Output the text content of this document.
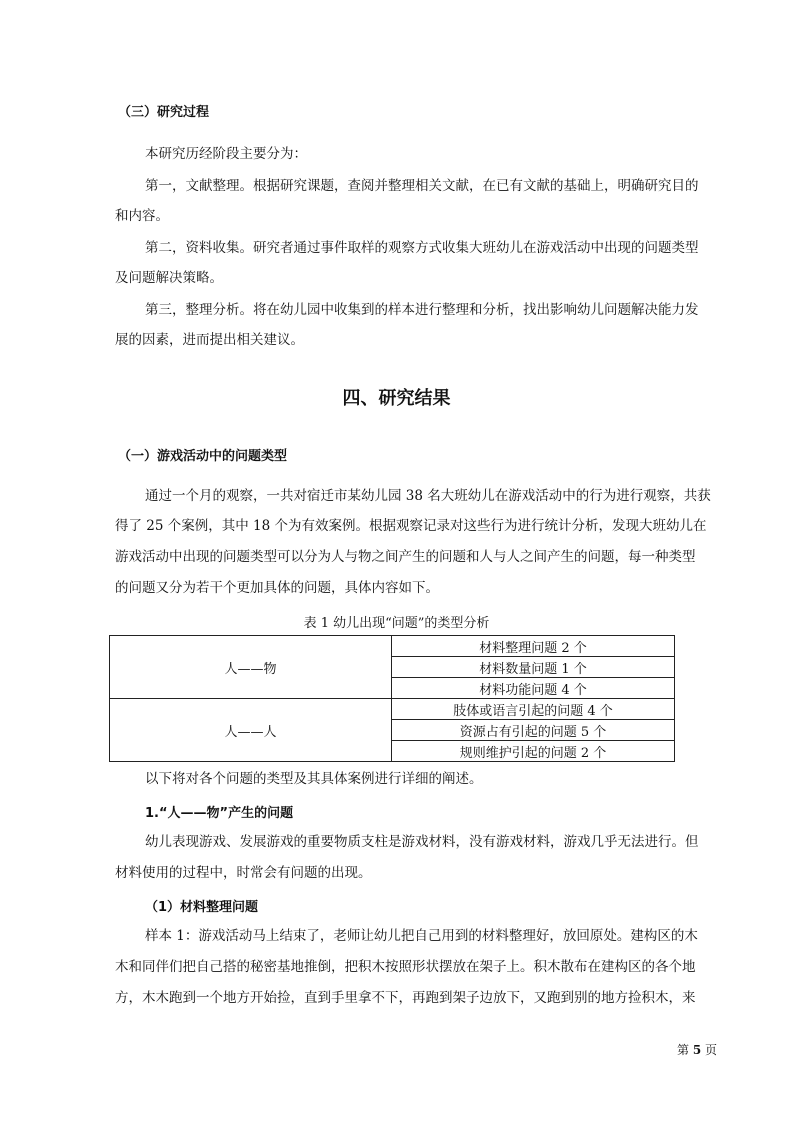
（三）研究过程
本研究历经阶段主要分为：
第一，文献整理。根据研究课题，查阅并整理相关文献，在已有文献的基础上，明确研究目的
和内容。
第二，资料收集。研究者通过事件取样的观察方式收集大班幼儿在游戏活动中出现的问题类型
及问题解决策略。
第三，整理分析。将在幼儿园中收集到的样本进行整理和分析，找出影响幼儿问题解决能力发
展的因素，进而提出相关建议。
四、研究结果
（一）游戏活动中的问题类型
通过一个月的观察，一共对宿迁市某幼儿园 38 名大班幼儿在游戏活动中的行为进行观察，共获
得了 25 个案例，其中 18 个为有效案例。根据观察记录对这些行为进行统计分析，发现大班幼儿在
游戏活动中出现的问题类型可以分为人与物之间产生的问题和人与人之间产生的问题，每一种类型
的问题又分为若干个更加具体的问题，具体内容如下。
表 1 幼儿出现“问题”的类型分析
人——物	材料整理问题 2 个
	材料数量问题 1 个
	材料功能问题 4 个
人——人	肢体或语言引起的问题 4 个
	资源占有引起的问题 5 个
	规则维护引起的问题 2 个
以下将对各个问题的类型及其具体案例进行详细的阐述。
1.“人——物”产生的问题
幼儿表现游戏、发展游戏的重要物质支柱是游戏材料，没有游戏材料，游戏几乎无法进行。但
材料使用的过程中，时常会有问题的出现。
（1）材料整理问题
样本 1：游戏活动马上结束了，老师让幼儿把自己用到的材料整理好，放回原处。建构区的木
木和同伴们把自己搭的秘密基地推倒，把积木按照形状摆放在架子上。积木散布在建构区的各个地
方，木木跑到一个地方开始捡，直到手里拿不下，再跑到架子边放下，又跑到别的地方捡积木，来
第 5 页
